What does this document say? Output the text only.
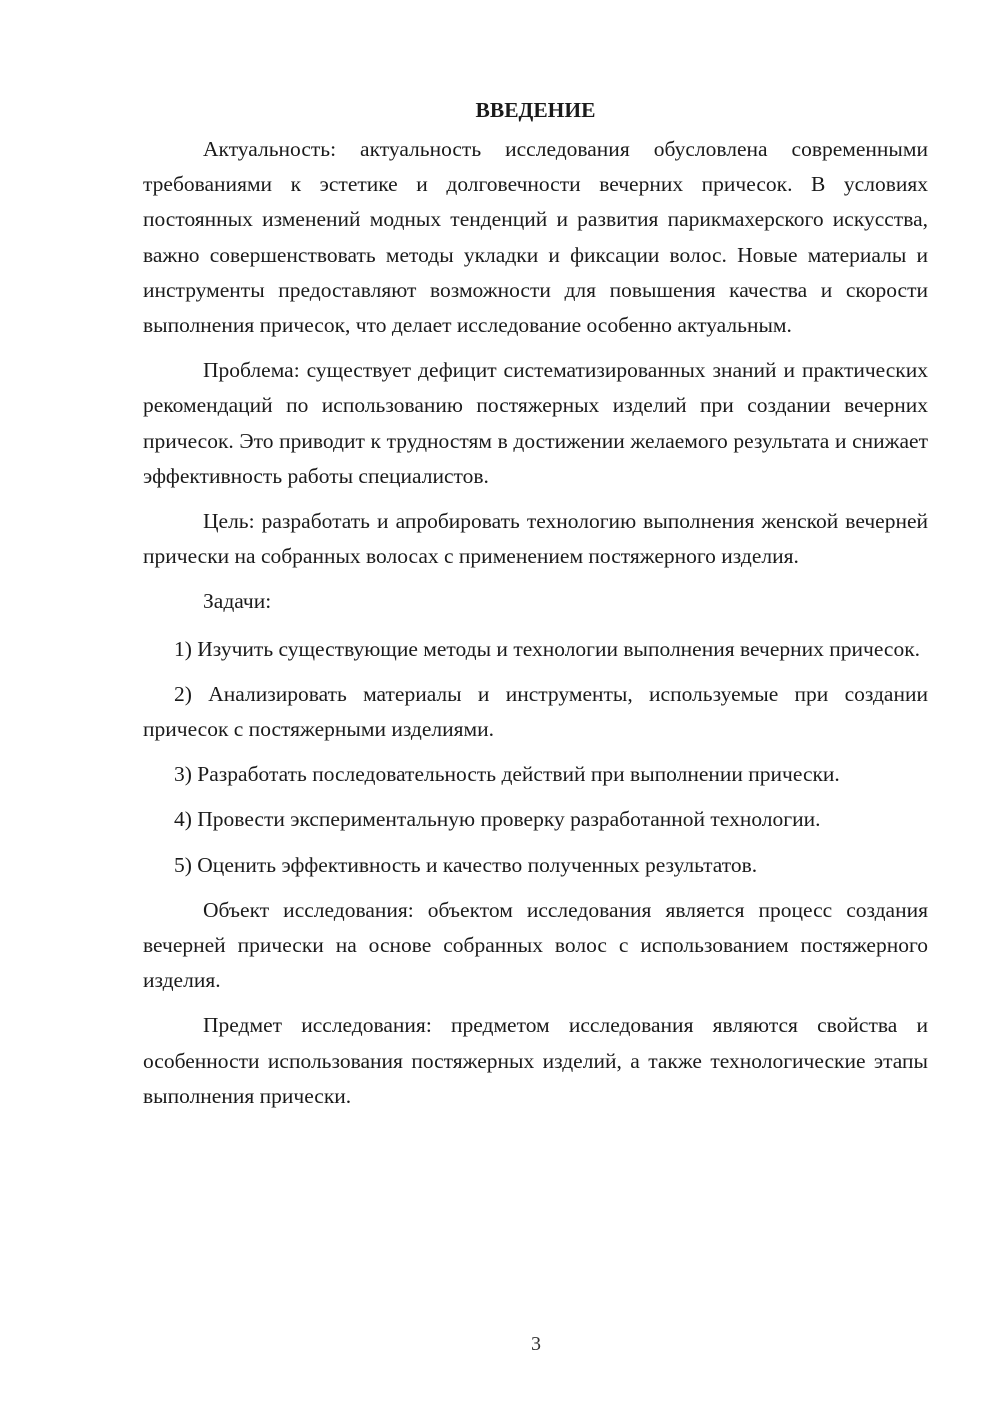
ВВЕДЕНИЕ

Актуальность: актуальность исследования обусловлена современными требованиями к эстетике и долговечности вечерних причесок. В условиях постоянных изменений модных тенденций и развития парикмахерского искусства, важно совершенствовать методы укладки и фиксации волос. Новые материалы и инструменты предоставляют возможности для повышения качества и скорости выполнения причесок, что делает исследование особенно актуальным.

Проблема: существует дефицит систематизированных знаний и практических рекомендаций по использованию постяжерных изделий при создании вечерних причесок. Это приводит к трудностям в достижении желаемого результата и снижает эффективность работы специалистов.

Цель: разработать и апробировать технологию выполнения женской вечерней прически на собранных волосах с применением постяжерного изделия.

Задачи:

1) Изучить существующие методы и технологии выполнения вечерних причесок.

2) Анализировать материалы и инструменты, используемые при создании причесок с постяжерными изделиями.

3) Разработать последовательность действий при выполнении прически.

4) Провести экспериментальную проверку разработанной технологии.

5) Оценить эффективность и качество полученных результатов.

Объект исследования: объектом исследования является процесс создания вечерней прически на основе собранных волос с использованием постяжерного изделия.

Предмет исследования: предметом исследования являются свойства и особенности использования постяжерных изделий, а также технологические этапы выполнения прически.

3
